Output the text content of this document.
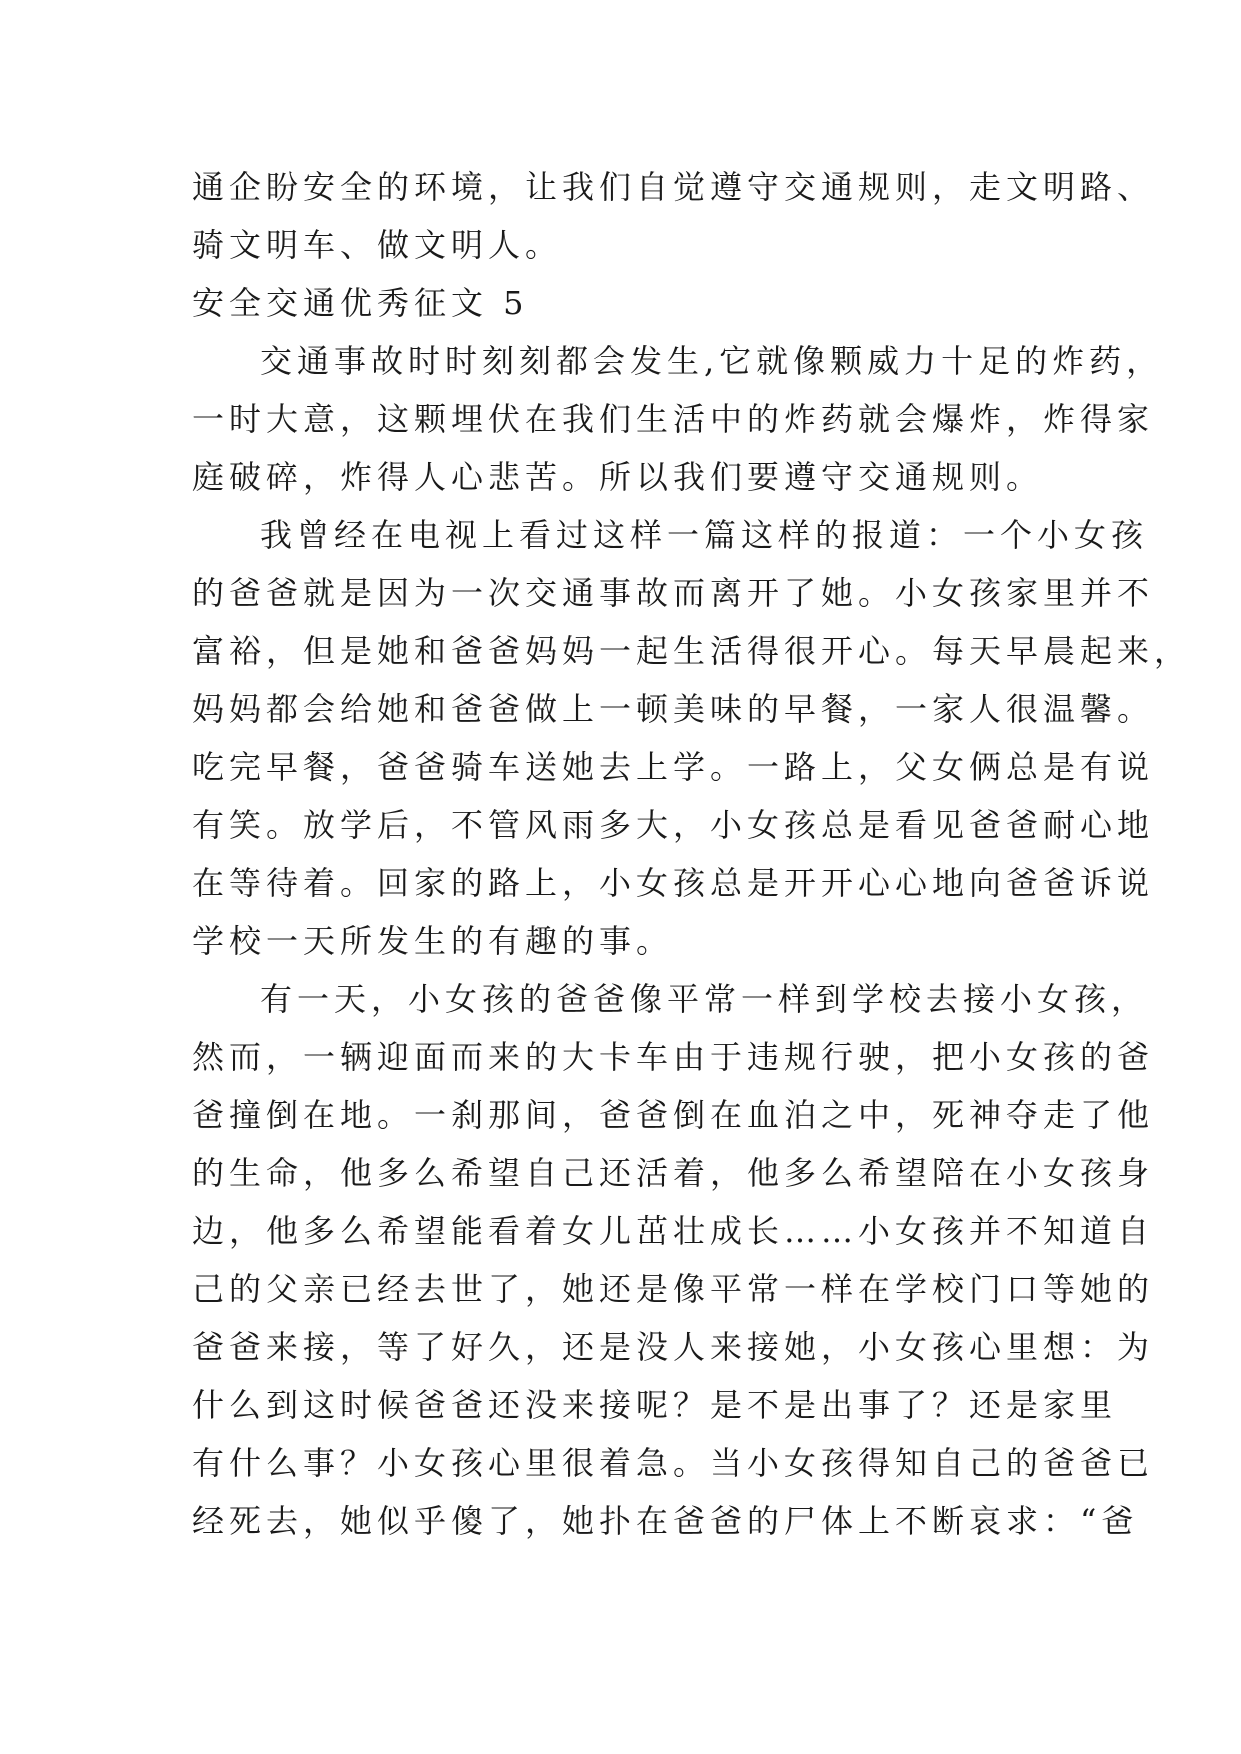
通企盼安全的环境，让我们自觉遵守交通规则，走文明路、
骑文明车、做文明人。
安全交通优秀征文 5
交通事故时时刻刻都会发生,它就像颗威力十足的炸药，
一时大意，这颗埋伏在我们生活中的炸药就会爆炸，炸得家
庭破碎，炸得人心悲苦。所以我们要遵守交通规则。
我曾经在电视上看过这样一篇这样的报道：一个小女孩
的爸爸就是因为一次交通事故而离开了她。小女孩家里并不
富裕，但是她和爸爸妈妈一起生活得很开心。每天早晨起来，
妈妈都会给她和爸爸做上一顿美味的早餐，一家人很温馨。
吃完早餐，爸爸骑车送她去上学。一路上，父女俩总是有说
有笑。放学后，不管风雨多大，小女孩总是看见爸爸耐心地
在等待着。回家的路上，小女孩总是开开心心地向爸爸诉说
学校一天所发生的有趣的事。
有一天，小女孩的爸爸像平常一样到学校去接小女孩，
然而，一辆迎面而来的大卡车由于违规行驶，把小女孩的爸
爸撞倒在地。一刹那间，爸爸倒在血泊之中，死神夺走了他
的生命，他多么希望自己还活着，他多么希望陪在小女孩身
边，他多么希望能看着女儿茁壮成长……小女孩并不知道自
己的父亲已经去世了，她还是像平常一样在学校门口等她的
爸爸来接，等了好久，还是没人来接她，小女孩心里想：为
什么到这时候爸爸还没来接呢？是不是出事了？还是家里
有什么事？小女孩心里很着急。当小女孩得知自己的爸爸已
经死去，她似乎傻了，她扑在爸爸的尸体上不断哀求：“爸
